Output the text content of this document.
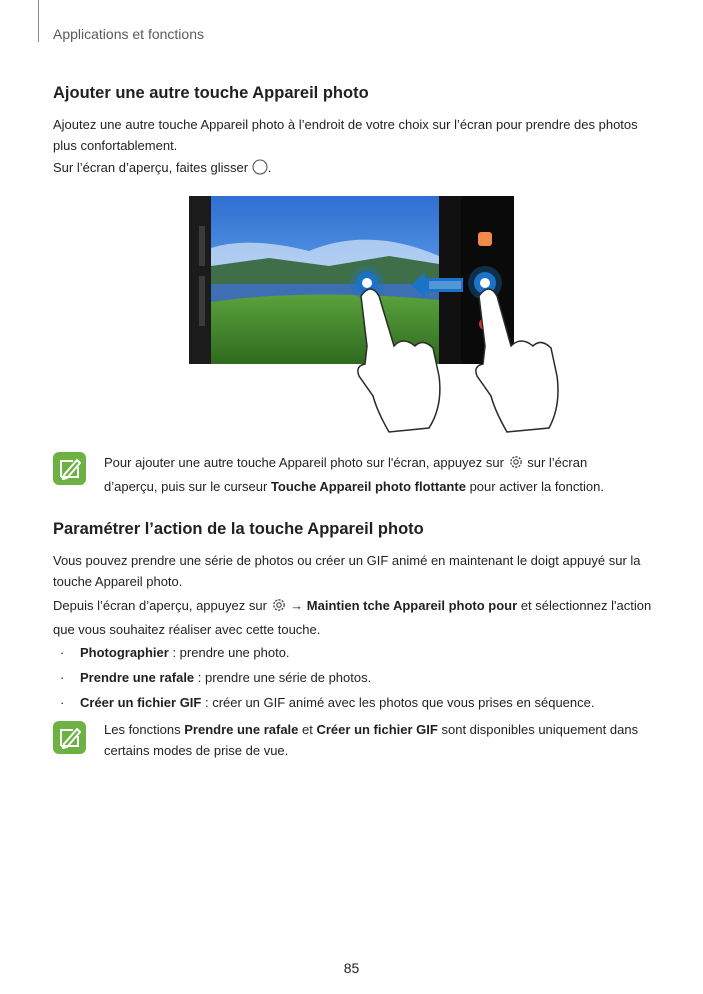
Applications et fonctions
Ajouter une autre touche Appareil photo
Ajoutez une autre touche Appareil photo à l’endroit de votre choix sur l’écran pour prendre des photos plus confortablement.
Sur l’écran d’aperçu, faites glisser .
Pour ajouter une autre touche Appareil photo sur l'écran, appuyez sur sur l’écran d’aperçu, puis sur le curseur Touche Appareil photo flottante pour activer la fonction.
Paramétrer l’action de la touche Appareil photo
Vous pouvez prendre une série de photos ou créer un GIF animé en maintenant le doigt appuyé sur la touche Appareil photo.
Depuis l’écran d’aperçu, appuyez sur → Maintien tche Appareil photo pour et sélectionnez l'action que vous souhaitez réaliser avec cette touche.
· Photographier : prendre une photo.
· Prendre une rafale : prendre une série de photos.
· Créer un fichier GIF : créer un GIF animé avec les photos que vous prises en séquence.
Les fonctions Prendre une rafale et Créer un fichier GIF sont disponibles uniquement dans certains modes de prise de vue.
85
